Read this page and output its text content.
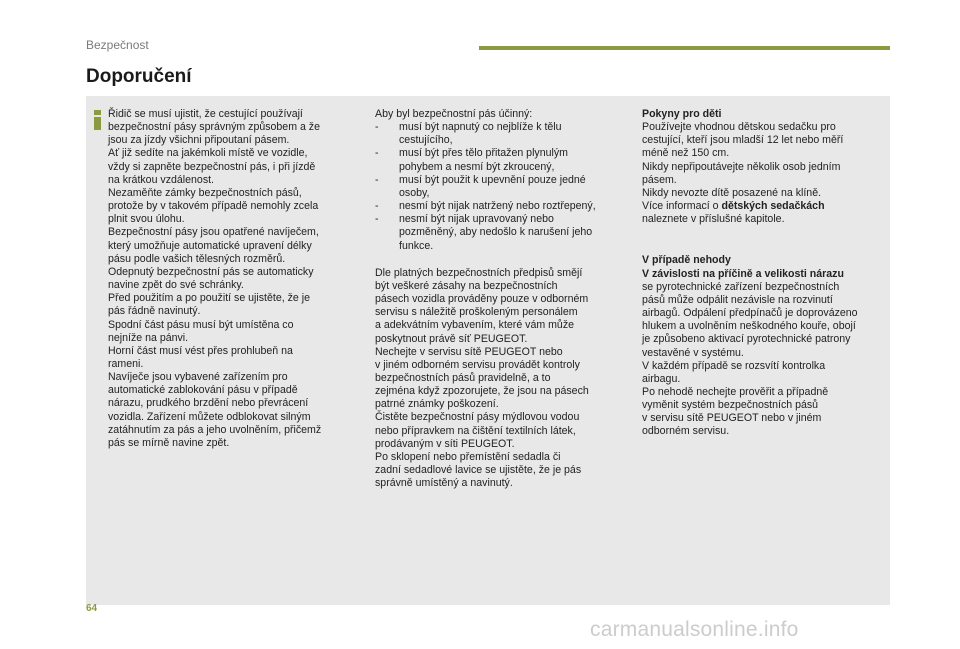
Bezpečnost
Doporučení

Řidič se musí ujistit, že cestující používají
bezpečnostní pásy správným způsobem a že
jsou za jízdy všichni připoutaní pásem.
Ať již sedíte na jakémkoli místě ve vozidle,
vždy si zapněte bezpečnostní pás, i při jízdě
na krátkou vzdálenost.
Nezaměňte zámky bezpečnostních pásů,
protože by v takovém případě nemohly zcela
plnit svou úlohu.
Bezpečnostní pásy jsou opatřené navíječem,
který umožňuje automatické upravení délky
pásu podle vašich tělesných rozměrů.
Odepnutý bezpečnostní pás se automaticky
navine zpět do své schránky.
Před použitím a po použití se ujistěte, že je
pás řádně navinutý.
Spodní část pásu musí být umístěna co
nejníže na pánvi.
Horní část musí vést přes prohlubeň na
rameni.
Navíječe jsou vybavené zařízením pro
automatické zablokování pásu v případě
nárazu, prudkého brzdění nebo převrácení
vozidla. Zařízení můžete odblokovat silným
zatáhnutím za pás a jeho uvolněním, přičemž
pás se mírně navine zpět.

Aby byl bezpečnostní pás účinný:

- musí být napnutý co nejblíže k tělu
cestujícího,

- musí být přes tělo přitažen plynulým
pohybem a nesmí být zkroucený,

- musí být použit k upevnění pouze jedné
osoby,

- nesmí být nijak natržený nebo roztřepený,

- nesmí být nijak upravovaný nebo
pozměněný, aby nedošlo k narušení jeho
funkce.

Dle platných bezpečnostních předpisů smějí
být veškeré zásahy na bezpečnostních
pásech vozidla prováděny pouze v odborném
servisu s náležitě proškoleným personálem
a adekvátním vybavením, které vám může
poskytnout právě síť PEUGEOT.
Nechejte v servisu sítě PEUGEOT nebo
v jiném odborném servisu provádět kontroly
bezpečnostních pásů pravidelně, a to
zejména když zpozorujete, že jsou na pásech
patrné známky poškození.
Čistěte bezpečnostní pásy mýdlovou vodou
nebo přípravkem na čištění textilních látek,
prodávaným v síti PEUGEOT.
Po sklopení nebo přemístění sedadla či
zadní sedadlové lavice se ujistěte, že je pás
správně umístěný a navinutý.

Pokyny pro děti

Používejte vhodnou dětskou sedačku pro
cestující, kteří jsou mladší 12 let nebo měří
méně než 150 cm.
Nikdy nepřipoutávejte několik osob jedním
pásem.
Nikdy nevozte dítě posazené na klíně.

Více informací o dětských sedačkách
naleznete v příslušné kapitole.

V případě nehody

V závislosti na příčině a velikosti nárazu

se pyrotechnické zařízení bezpečnostních
pásů může odpálit nezávisle na rozvinutí
airbagů. Odpálení předpínačů je doprovázeno
hlukem a uvolněním neškodného kouře, obojí
je způsobeno aktivací pyrotechnické patrony
vestavěné v systému.
V každém případě se rozsvítí kontrolka
airbagu.
Po nehodě nechejte prověřit a případně
vyměnit systém bezpečnostních pásů
v servisu sítě PEUGEOT nebo v jiném
odborném servisu.

64
carmanualsonline.info
